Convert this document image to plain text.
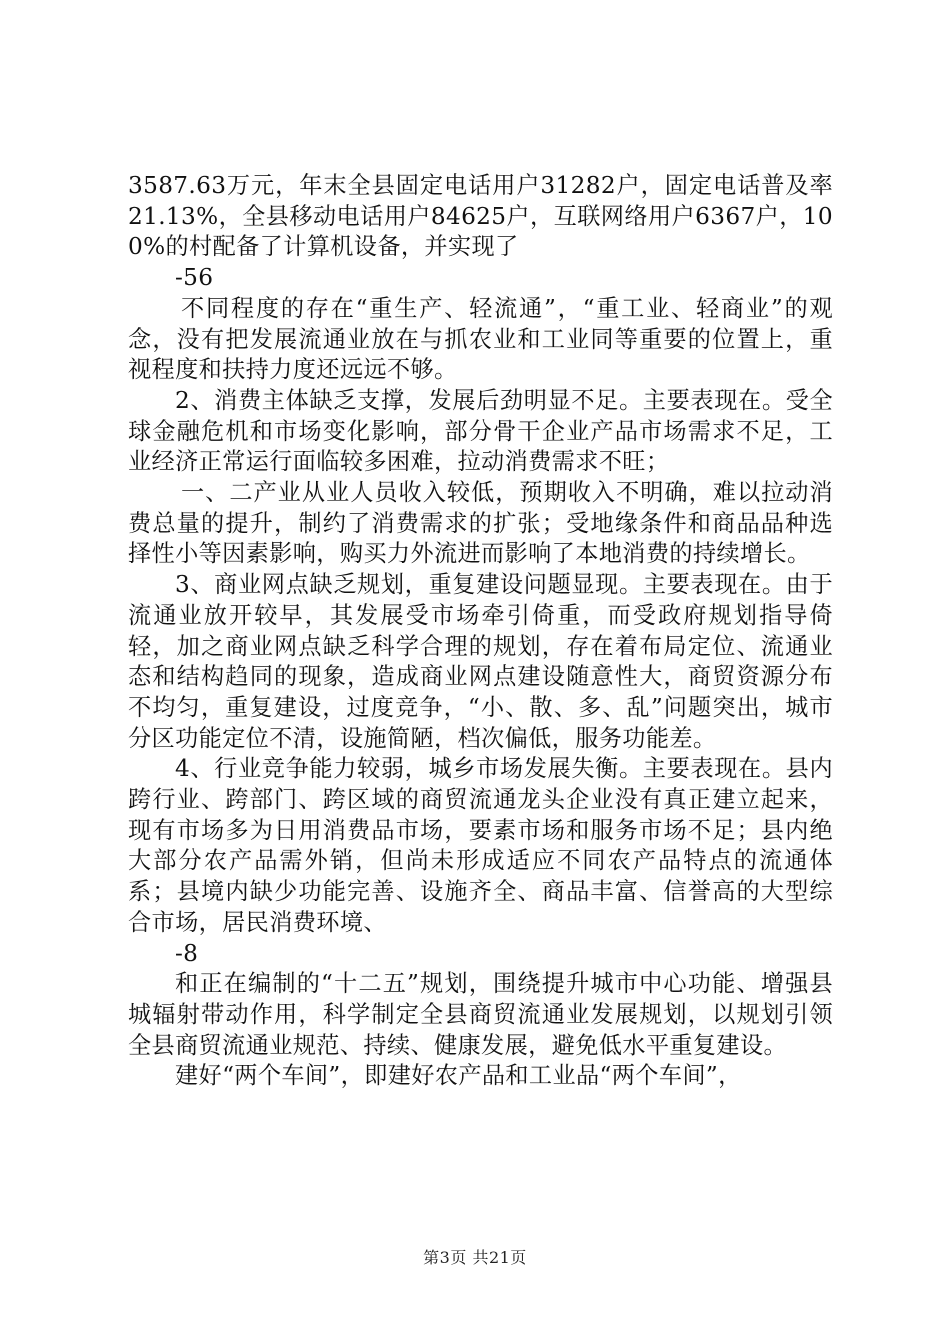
3587.63万元，年末全县固定电话用户31282户，固定电话普及率21.13%，全县移动电话用户84625户，互联网络用户6367户，100%的村配备了计算机设备，并实现了

-56

不同程度的存在“重生产、轻流通”，“重工业、轻商业”的观念，没有把发展流通业放在与抓农业和工业同等重要的位置上，重视程度和扶持力度还远远不够。

2、消费主体缺乏支撑，发展后劲明显不足。主要表现在。受全球金融危机和市场变化影响，部分骨干企业产品市场需求不足，工业经济正常运行面临较多困难，拉动消费需求不旺；

一、二产业从业人员收入较低，预期收入不明确，难以拉动消费总量的提升，制约了消费需求的扩张；受地缘条件和商品品种选择性小等因素影响，购买力外流进而影响了本地消费的持续增长。

3、商业网点缺乏规划，重复建设问题显现。主要表现在。由于流通业放开较早，其发展受市场牵引倚重，而受政府规划指导倚轻，加之商业网点缺乏科学合理的规划，存在着布局定位、流通业态和结构趋同的现象，造成商业网点建设随意性大，商贸资源分布不均匀，重复建设，过度竞争，“小、散、多、乱”问题突出，城市分区功能定位不清，设施简陋，档次偏低，服务功能差。

4、行业竞争能力较弱，城乡市场发展失衡。主要表现在。县内跨行业、跨部门、跨区域的商贸流通龙头企业没有真正建立起来，现有市场多为日用消费品市场，要素市场和服务市场不足；县内绝大部分农产品需外销，但尚未形成适应不同农产品特点的流通体系；县境内缺少功能完善、设施齐全、商品丰富、信誉高的大型综合市场，居民消费环境、

-8

和正在编制的“十二五”规划，围绕提升城市中心功能、增强县城辐射带动作用，科学制定全县商贸流通业发展规划，以规划引领全县商贸流通业规范、持续、健康发展，避免低水平重复建设。

建好“两个车间”，即建好农产品和工业品“两个车间”，

第3页 共21页
